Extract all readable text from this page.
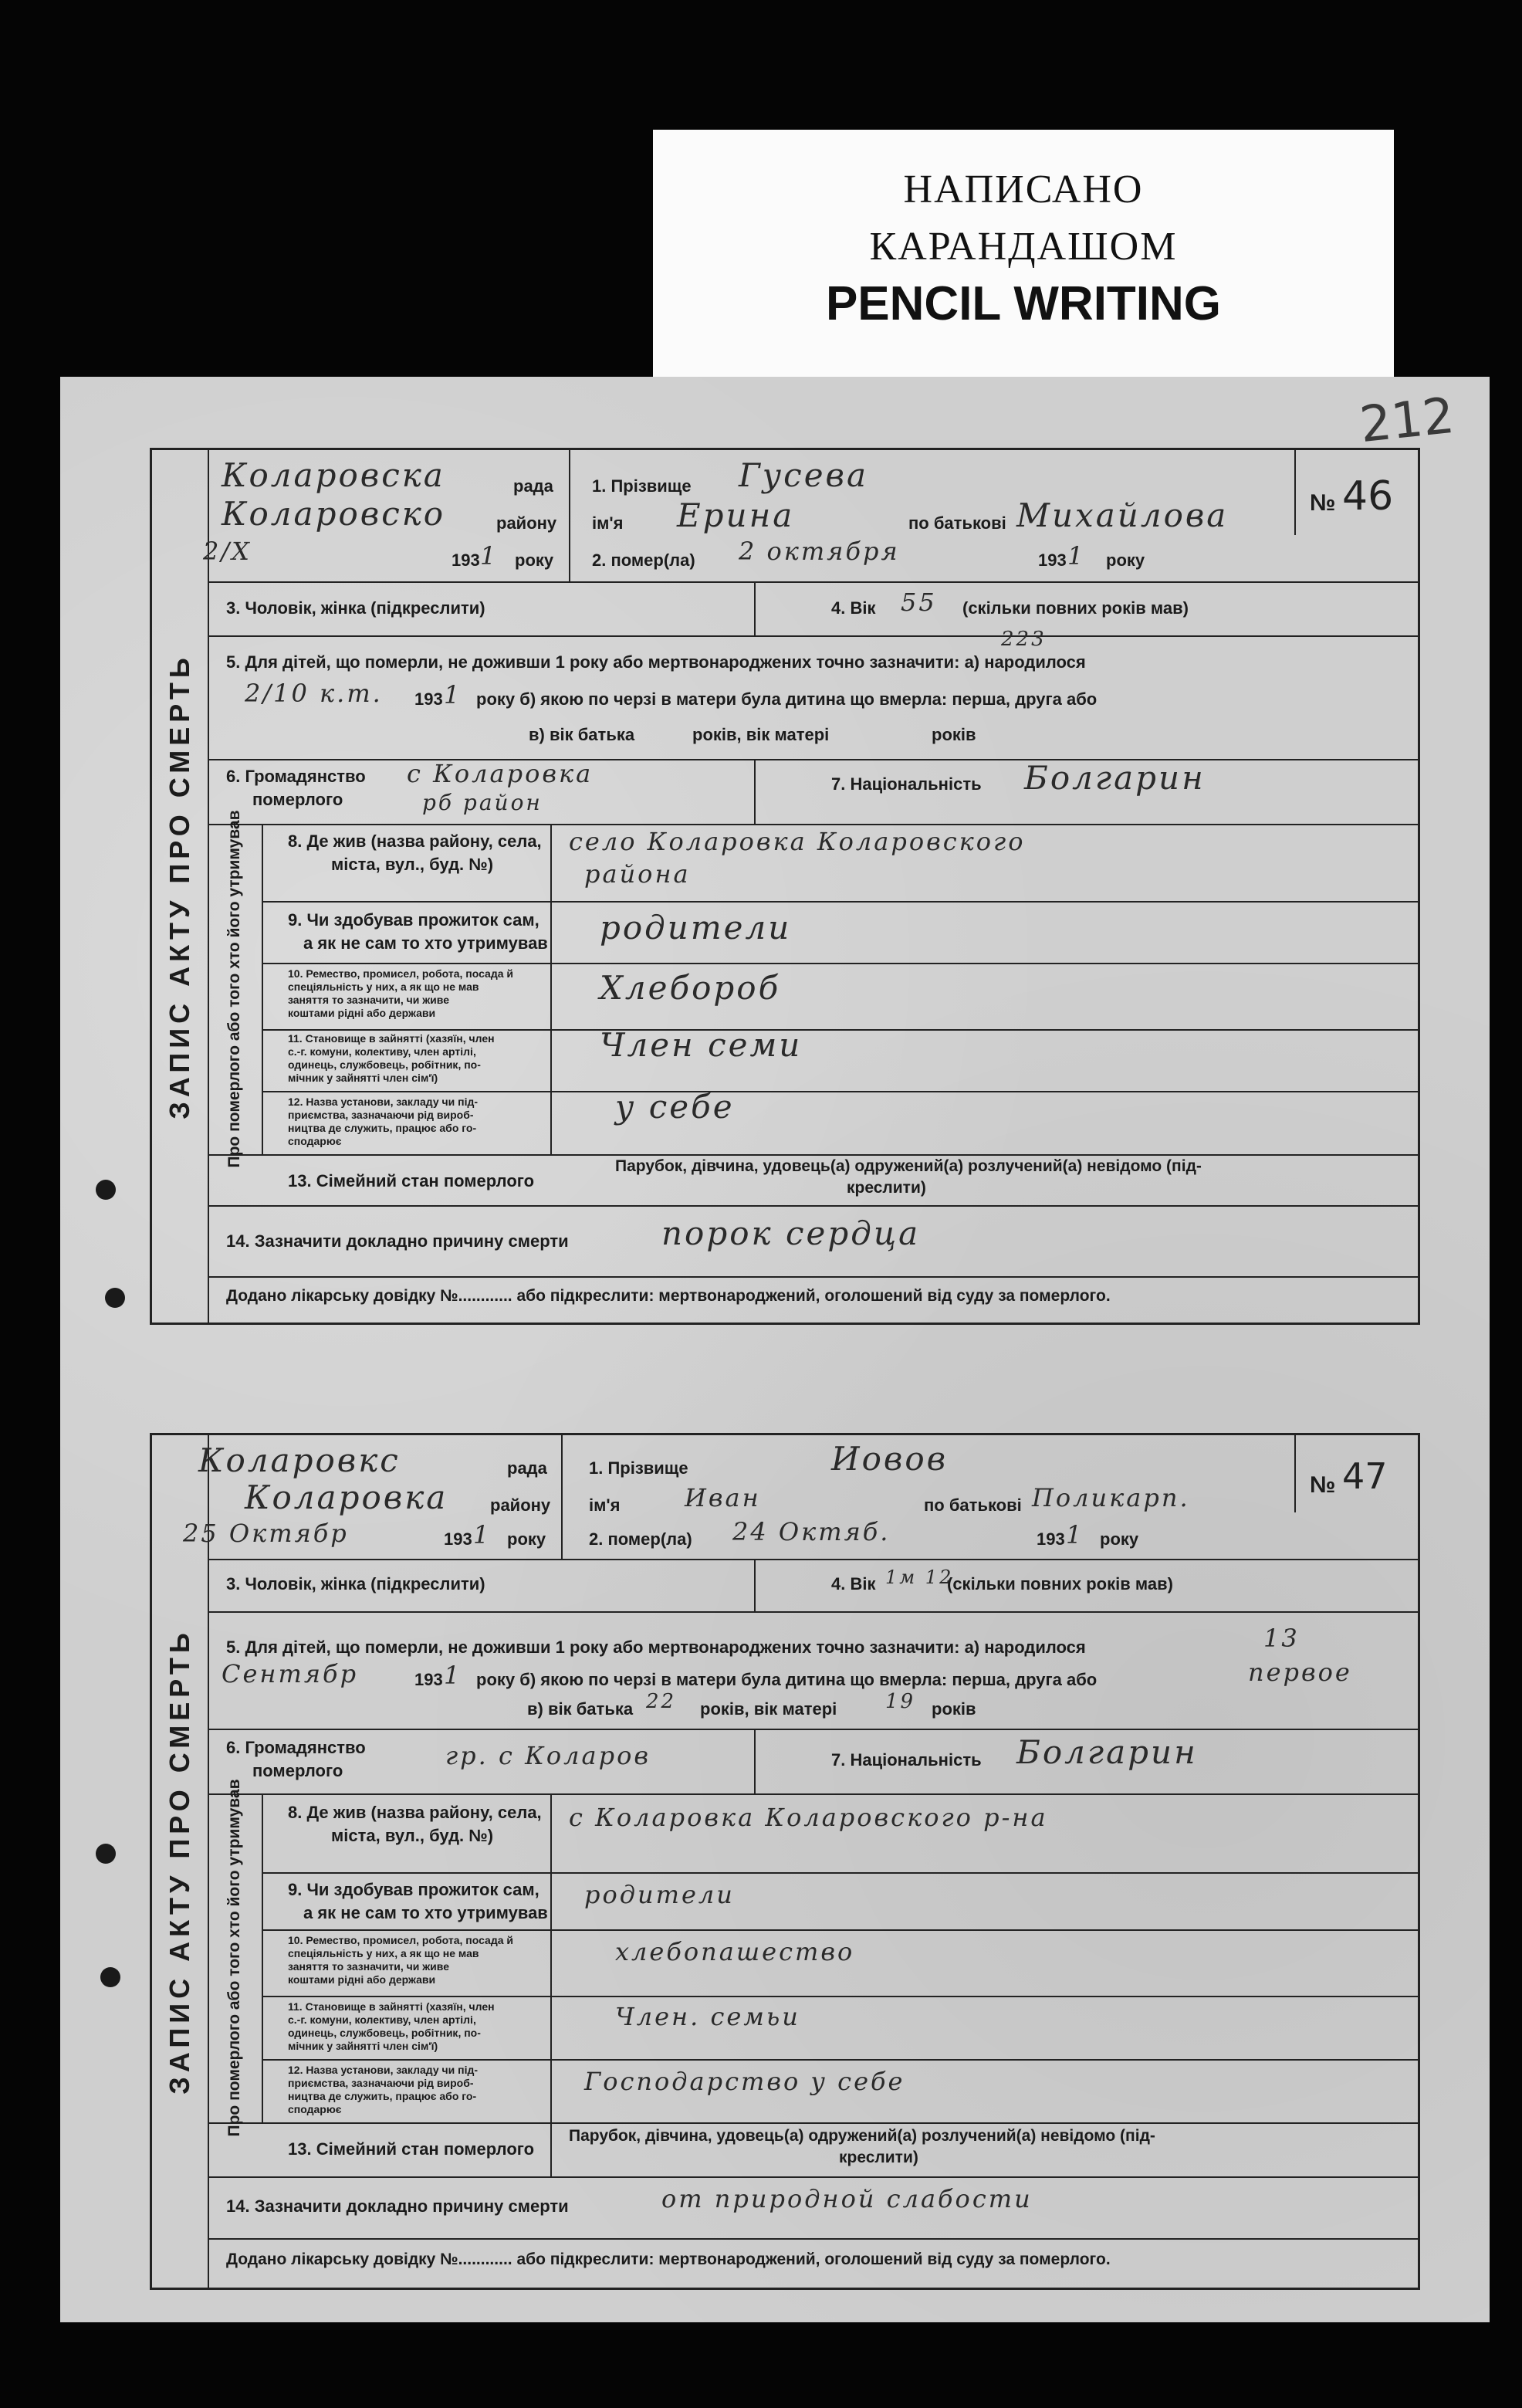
НАПИСАНО
КАРАНДАШОМ
PENCIL WRITING
212
ЗАПИС АКТУ ПРО СМЕРТЬ
Коларовска	рада
Коларовско	району
2/Х	193 1 року
1. Прізвище Гусева
ім'я Ерина	по батькові Михайлова
2. помер(ла) 2 октября	193 1 року
№ 46
3. Чоловік, жінка (підкреслити)	4. Вік 55 (скільки повних років мав)
223
5. Для дітей, що померли, не доживши 1 року або мертвонароджених точно зазначити: а) народилося
2/10 к.т. 193 1 року б) якою по черзі в матери була дитина що вмерла: перша, друга або
в) вік батька	років, вік матері	років
6. Громадянство
померлого
с Коларовка
рб район
7. Національність Болгарин
Про померлого або того хто його утримував	8. Де жив (назва району, села,
міста, вул., буд. №)
село Коларовка Коларовского
района
9. Чи здобував прожиток сам,
а як не сам то хто утримував родители
10. Ремество, промисел, робота, посада й
спеціяльність у них, а як що не мав
заняття то зазначити, чи живе
коштами рідні або держави
Хлебороб
11. Становище в зайнятті (хазяїн, член
с.-г. комуни, колективу, член артілі,
одинець, службовець, робітник, по-
мічник у зайнятті член сім'ї)
Член семи
12. Назва установи, закладу чи під-
приємства, зазначаючи рід вироб-
ництва де служить, працює або го-
сподарює
у себе
13. Сімейний стан померлого
Парубок, дівчина, удовець(а) одружений(а) розлучений(а) невідомо (під-
креслити)
14. Зазначити докладно причину смерти	порок сердца
Додано лікарську довідку №............ або підкреслити: мертвонароджений, оголошений від суду за померлого.
ЗАПИС АКТУ ПРО СМЕРТЬ
Коларовкс	рада
Коларовка району
25 Октябр	193 1 року
1. Прізвище	Иовов
ім'я	Иван	по батькові Поликарп.
2. помер(ла) 24 Октяб.	193 1 року
№ 47
3. Чоловік, жінка (підкреслити)	4. Вік 1м 12
(скільки повних років мав)
5. Для дітей, що померли, не доживши 1 року або мертвонароджених точно зазначити: а) народилося	13
Сентябр	193 1 року б) якою по черзі в матери була дитина що вмерла: перша, друга або	первое
в) вік батька 22 років, вік матері 19 років
6. Громадянство
померлого
гр. с Коларов	7. Національність Болгарин
Про померлого або того хто його утримував	8. Де жив (назва району, села,
міста, вул., буд. №)
с Коларовка Коларовского р-на
9. Чи здобував прожиток сам,
а як не сам то хто утримував
родители
10. Ремество, промисел, робота, посада й
спеціяльність у них, а як що не мав
заняття то зазначити, чи живе
коштами рідні або держави
хлебопашество
11. Становище в зайнятті (хазяїн, член
с.-г. комуни, колективу, член артілі,
одинець, службовець, робітник, по-
мічник у зайнятті член сім'ї)
Член. семьи
12. Назва установи, закладу чи під-
приємства, зазначаючи рід вироб-
ництва де служить, працює або го-
сподарює
Господарство у себе
13. Сімейний стан померлого
Парубок, дівчина, удовець(а) одружений(а) розлучений(а) невідомо (під-
креслити)
14. Зазначити докладно причину смерти	от природной слабости
Додано лікарську довідку №............ або підкреслити: мертвонароджений, оголошений від суду за померлого.
